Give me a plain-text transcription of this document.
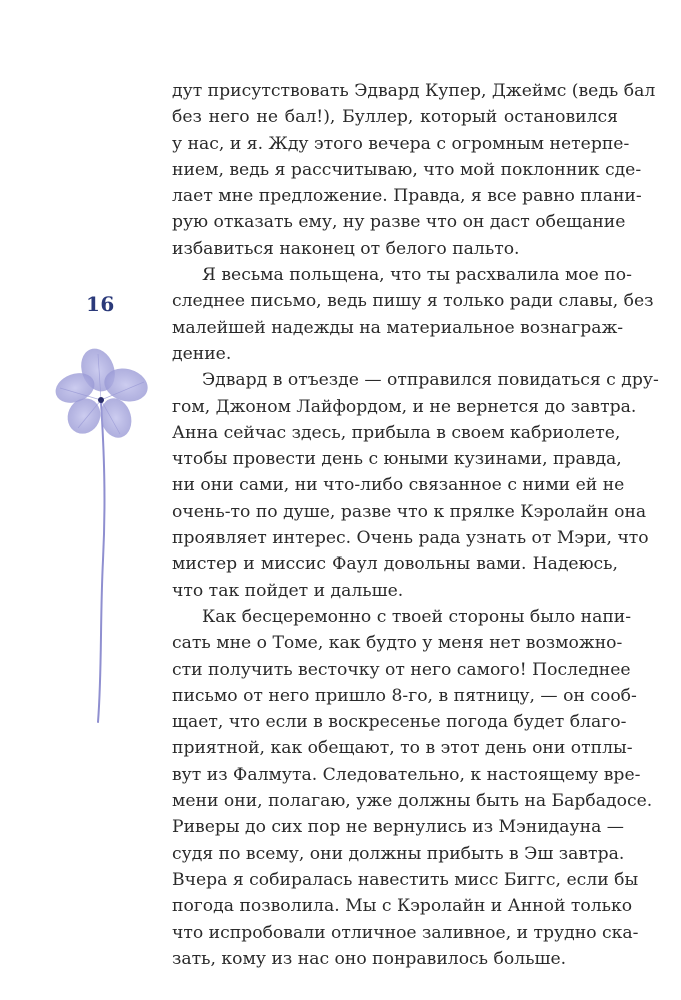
16
дут присутствовать Эдвард Купер, Джеймс (ведь бал
без него не бал!), Буллер, который остановился
у нас, и я. Жду этого вечера с огромным нетерпе-
нием, ведь я рассчитываю, что мой поклонник сде-
лает мне предложение. Правда, я все равно плани-
рую отказать ему, ну разве что он даст обещание
избавиться наконец от белого пальто.
Я весьма польщена, что ты расхвалила мое по-
следнее письмо, ведь пишу я только ради славы, без
малейшей надежды на материальное вознаграж-
дение.
Эдвард в отъезде — отправился повидаться с дру-
гом, Джоном Лайфордом, и не вернется до завтра.
Анна сейчас здесь, прибыла в своем кабриолете,
чтобы провести день с юными кузинами, правда,
ни они сами, ни что-либо связанное с ними ей не
очень-то по душе, разве что к прялке Кэролайн она
проявляет интерес. Очень рада узнать от Мэри, что
мистер и миссис Фаул довольны вами. Надеюсь,
что так пойдет и дальше.
Как бесцеремонно с твоей стороны было напи-
сать мне о Томе, как будто у меня нет возможно-
сти получить весточку от него самого! Последнее
письмо от него пришло 8-го, в пятницу, — он сооб-
щает, что если в воскресенье погода будет благо-
приятной, как обещают, то в этот день они отплы-
вут из Фалмута. Следовательно, к настоящему вре-
мени они, полагаю, уже должны быть на Барбадосе.
Риверы до сих пор не вернулись из Мэнидауна —
судя по всему, они должны прибыть в Эш завтра.
Вчера я собиралась навестить мисс Биггс, если бы
погода позволила. Мы с Кэролайн и Анной только
что испробовали отличное заливное, и трудно ска-
зать, кому из нас оно понравилось больше.
